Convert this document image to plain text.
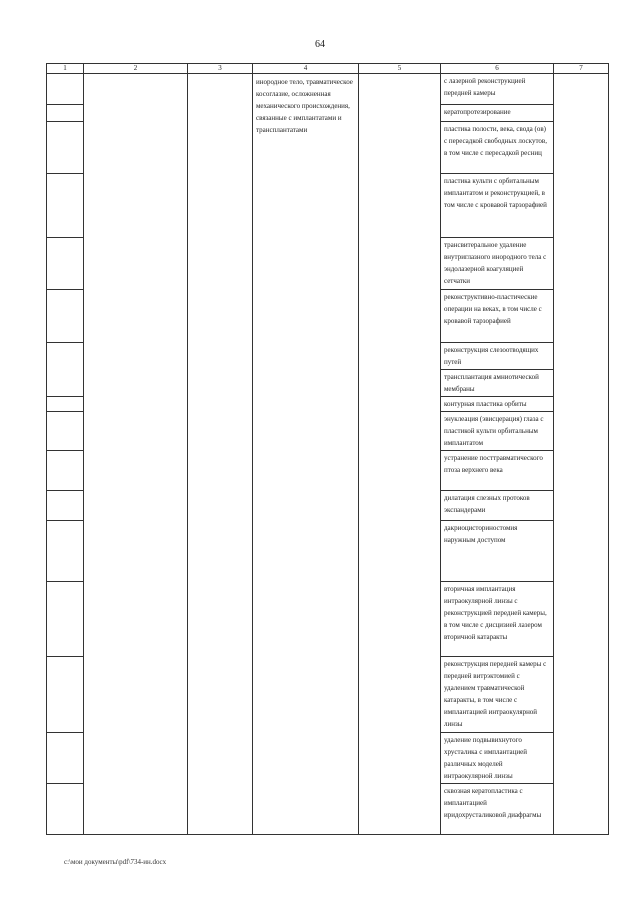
64
1	2	3	4	5	6	7
			инородное тело, травматическое косоглазие, осложненная механического происхождения, связанные с имплантатами и трансплантатами		с лазерной реконструкцией передней камеры	
					кератопротезирование	
					пластика полости, века, свода (ов) с пересадкой свободных лоскутов, в том числе с пересадкой ресниц	
					пластика культи с орбитальным имплантатом и реконструкцией, в том числе с кровавой тарзорафией	
					трансвитеральное удаление внутриглазного инородного тела с эндолазерной коагуляцией сетчатки	
					реконструктивно-пластические операции на веках, в том числе с кровавой тарзорафией	
					реконструкция слезоотводящих путей	
					трансплантация амниотической мембраны	
					контурная пластика орбиты	
					энуклеация (эвисцерация) глаза с пластикой культи орбитальным имплантатом	
					устранение посттравматического птоза верхнего века	
					дилатация слезных протоков экспандерами	
					дакриоцисториностомия наружным доступом	
					вторичная имплантация интраокулярной линзы с реконструкцией передней камеры, в том числе с дисцизией лазером вторичной катаракты	
					реконструкция передней камеры с передней витрэктомией с удалением травматической катаракты, в том числе с имплантацией интраокулярной линзы	
					удаление подвывихнутого хрусталика с имплантацией различных моделей интраокулярной линзы	
					сквозная кератопластика с имплантацией иридохрусталиковой диафрагмы	
c:\мои документы\pdf\734-ин.docx
